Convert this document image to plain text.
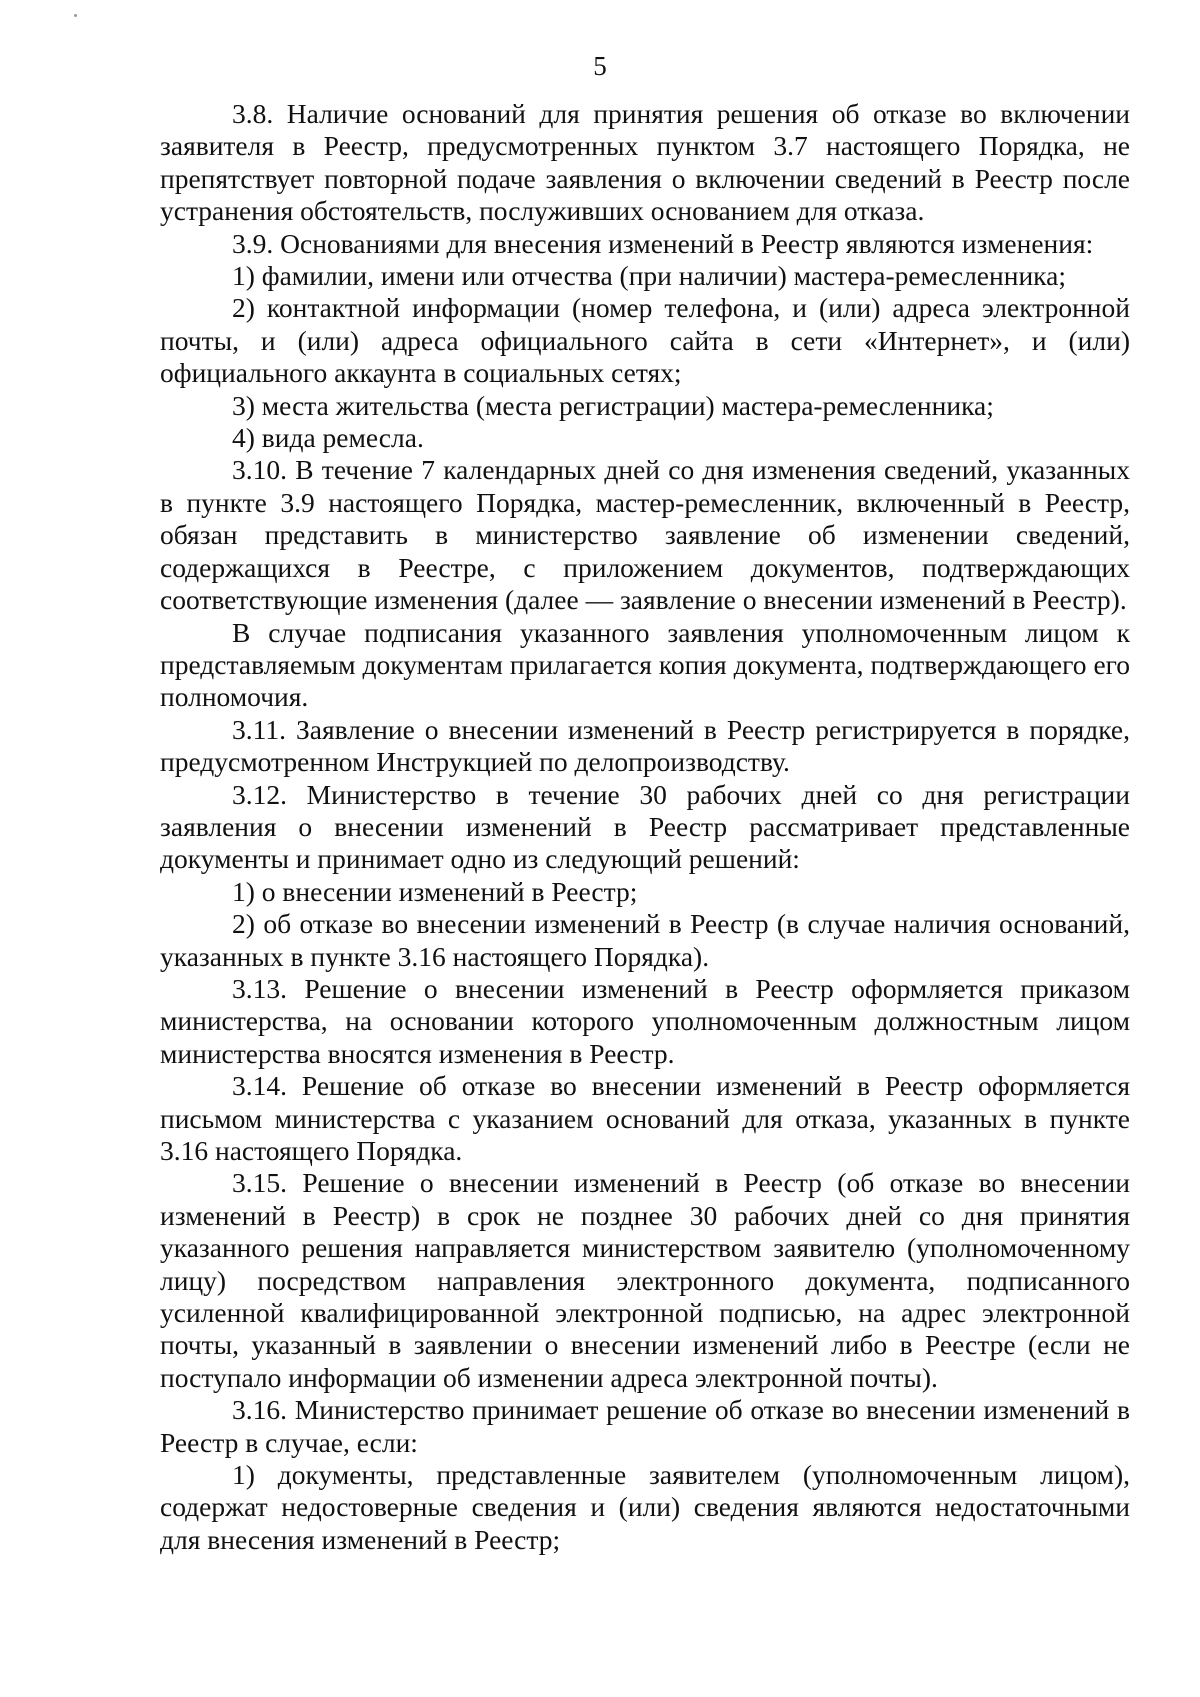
5

3.8. Наличие оснований для принятия решения об отказе во включении заявителя в Реестр, предусмотренных пунктом 3.7 настоящего Порядка, не препятствует повторной подаче заявления о включении сведений в Реестр после устранения обстоятельств, послуживших основанием для отказа.

3.9. Основаниями для внесения изменений в Реестр являются изменения:

1) фамилии, имени или отчества (при наличии) мастера-ремесленника;

2) контактной информации (номер телефона, и (или) адреса электронной почты, и (или) адреса официального сайта в сети «Интернет», и (или) официального аккаунта в социальных сетях;

3) места жительства (места регистрации) мастера-ремесленника;

4) вида ремесла.

3.10. В течение 7 календарных дней со дня изменения сведений, указанных в пункте 3.9 настоящего Порядка, мастер-ремесленник, включенный в Реестр, обязан представить в министерство заявление об изменении сведений, содержащихся в Реестре, с приложением документов, подтверждающих соответствующие изменения (далее — заявление о внесении изменений в Реестр).

В случае подписания указанного заявления уполномоченным лицом к представляемым документам прилагается копия документа, подтверждающего его полномочия.

3.11. Заявление о внесении изменений в Реестр регистрируется в порядке, предусмотренном Инструкцией по делопроизводству.

3.12. Министерство в течение 30 рабочих дней со дня регистрации заявления о внесении изменений в Реестр рассматривает представленные документы и принимает одно из следующий решений:

1) о внесении изменений в Реестр;

2) об отказе во внесении изменений в Реестр (в случае наличия оснований, указанных в пункте 3.16 настоящего Порядка).

3.13. Решение о внесении изменений в Реестр оформляется приказом министерства, на основании которого уполномоченным должностным лицом министерства вносятся изменения в Реестр.

3.14. Решение об отказе во внесении изменений в Реестр оформляется письмом министерства с указанием оснований для отказа, указанных в пункте 3.16 настоящего Порядка.

3.15. Решение о внесении изменений в Реестр (об отказе во внесении изменений в Реестр) в срок не позднее 30 рабочих дней со дня принятия указанного решения направляется министерством заявителю (уполномоченному лицу) посредством направления электронного документа, подписанного усиленной квалифицированной электронной подписью, на адрес электронной почты, указанный в заявлении о внесении изменений либо в Реестре (если не поступало информации об изменении адреса электронной почты).

3.16. Министерство принимает решение об отказе во внесении изменений в Реестр в случае, если:

1) документы, представленные заявителем (уполномоченным лицом), содержат недостоверные сведения и (или) сведения являются недостаточными для внесения изменений в Реестр;
